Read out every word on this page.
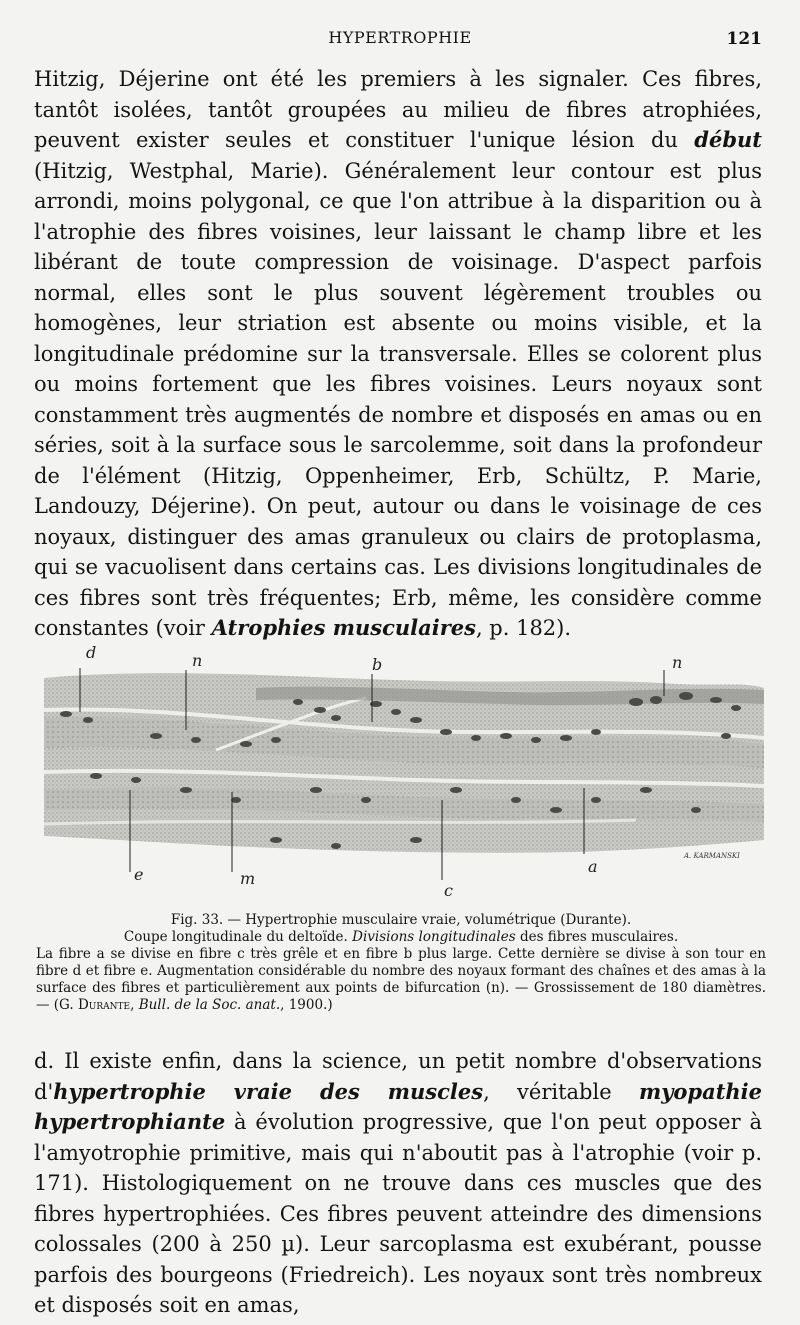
HYPERTROPHIE	121

Hitzig, Déjerine ont été les premiers à les signaler. Ces fibres, tantôt isolées, tantôt groupées au milieu de fibres atrophiées, peuvent exister seules et constituer l'unique lésion du début (Hitzig, Westphal, Marie). Généralement leur contour est plus arrondi, moins polygonal, ce que l'on attribue à la disparition ou à l'atrophie des fibres voisines, leur laissant le champ libre et les libérant de toute compression de voisinage. D'aspect parfois normal, elles sont le plus souvent légèrement troubles ou homogènes, leur striation est absente ou moins visible, et la longitudinale prédomine sur la transversale. Elles se colorent plus ou moins fortement que les fibres voisines. Leurs noyaux sont constamment très augmentés de nombre et disposés en amas ou en séries, soit à la surface sous le sarcolemme, soit dans la profondeur de l'élément (Hitzig, Oppenheimer, Erb, Schültz, P. Marie, Landouzy, Déjerine). On peut, autour ou dans le voisinage de ces noyaux, distinguer des amas granuleux ou clairs de protoplasma, qui se vacuolisent dans certains cas. Les divisions longitudinales de ces fibres sont très fréquentes; Erb, même, les considère comme constantes (voir Atrophies musculaires, p. 182).

d	n	b	n
e	m
c
a
A. KARMANSKI
Fig. 33. — Hypertrophie musculaire vraie, volumétrique (Durante).
Coupe longitudinale du deltoïde. Divisions longitudinales des fibres musculaires.
La fibre a se divise en fibre c très grêle et en fibre b plus large. Cette dernière se divise à son tour en fibre d et fibre e. Augmentation considérable du nombre des noyaux formant des chaînes et des amas à la surface des fibres et particulièrement aux points de bifurcation (n). — Grossissement de 180 diamètres. — (G. Durante, Bull. de la Soc. anat., 1900.)

d. Il existe enfin, dans la science, un petit nombre d'observations d'hypertrophie vraie des muscles, véritable myopathie hypertrophiante à évolution progressive, que l'on peut opposer à l'amyotrophie primitive, mais qui n'aboutit pas à l'atrophie (voir p. 171). Histologiquement on ne trouve dans ces muscles que des fibres hypertrophiées. Ces fibres peuvent atteindre des dimensions colossales (200 à 250 µ). Leur sarcoplasma est exubérant, pousse parfois des bourgeons (Friedreich). Les noyaux sont très nombreux et disposés soit en amas,
